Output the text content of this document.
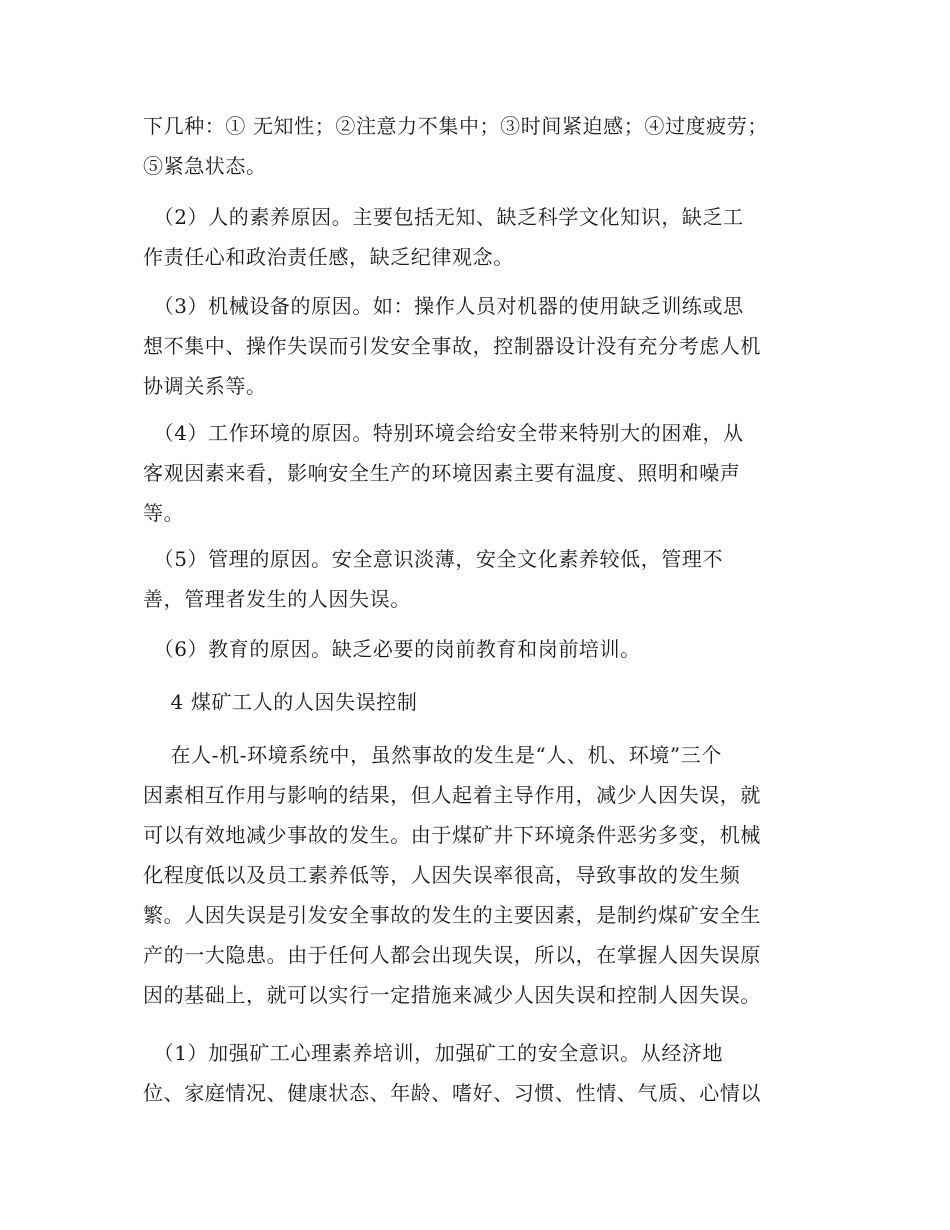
下几种：① 无知性；②注意力不集中；③时间紧迫感；④过度疲劳；
⑤紧急状态。

　（2）人的素养原因。主要包括无知、缺乏科学文化知识，缺乏工
作责任心和政治责任感，缺乏纪律观念。

　（3）机械设备的原因。如：操作人员对机器的使用缺乏训练或思
想不集中、操作失误而引发安全事故，控制器设计没有充分考虑人机
协调关系等。

　（4）工作环境的原因。特别环境会给安全带来特别大的困难，从
客观因素来看，影响安全生产的环境因素主要有温度、照明和噪声
等。

　（5）管理的原因。安全意识淡薄，安全文化素养较低，管理不
善，管理者发生的人因失误。

　（6）教育的原因。缺乏必要的岗前教育和岗前培训。

　 4 煤矿工人的人因失误控制

　 在人-机-环境系统中，虽然事故的发生是“人、机、环境”三个
因素相互作用与影响的结果，但人起着主导作用，减少人因失误，就
可以有效地减少事故的发生。由于煤矿井下环境条件恶劣多变，机械
化程度低以及员工素养低等，人因失误率很高，导致事故的发生频
繁。人因失误是引发安全事故的发生的主要因素，是制约煤矿安全生
产的一大隐患。由于任何人都会出现失误，所以，在掌握人因失误原
因的基础上，就可以实行一定措施来减少人因失误和控制人因失误。

　（1）加强矿工心理素养培训，加强矿工的安全意识。从经济地
位、家庭情况、健康状态、年龄、嗜好、习惯、性情、气质、心情以
